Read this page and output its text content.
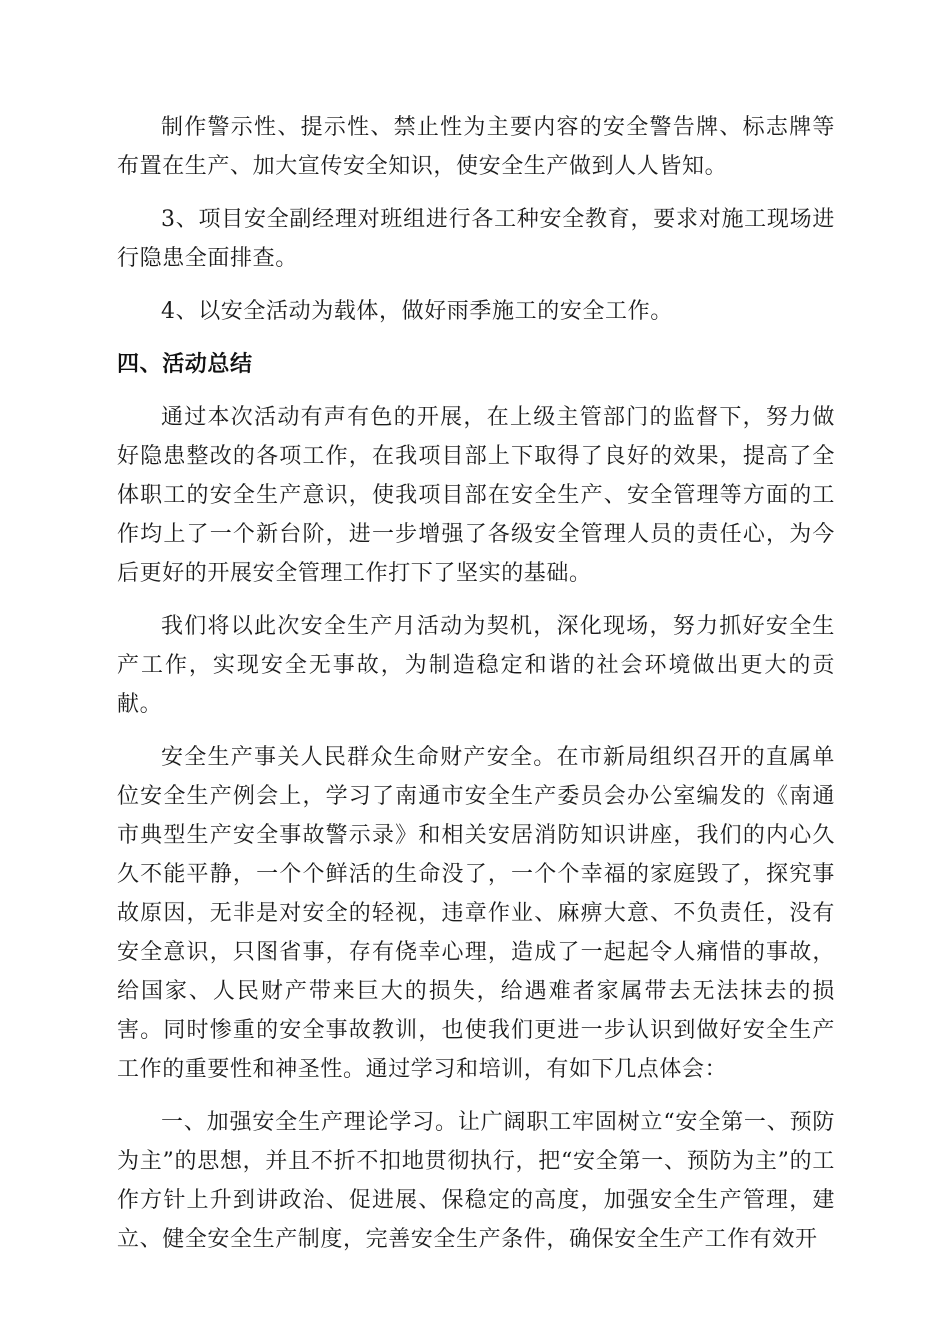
制作警示性、提示性、禁止性为主要内容的安全警告牌、标志牌等布置在生产、加大宣传安全知识，使安全生产做到人人皆知。

3、项目安全副经理对班组进行各工种安全教育，要求对施工现场进行隐患全面排查。

4、以安全活动为载体，做好雨季施工的安全工作。

四、活动总结

通过本次活动有声有色的开展，在上级主管部门的监督下，努力做好隐患整改的各项工作，在我项目部上下取得了良好的效果，提高了全体职工的安全生产意识，使我项目部在安全生产、安全管理等方面的工作均上了一个新台阶，进一步增强了各级安全管理人员的责任心，为今后更好的开展安全管理工作打下了坚实的基础。

我们将以此次安全生产月活动为契机，深化现场，努力抓好安全生产工作，实现安全无事故，为制造稳定和谐的社会环境做出更大的贡献。

安全生产事关人民群众生命财产安全。在市新局组织召开的直属单位安全生产例会上，学习了南通市安全生产委员会办公室编发的《南通市典型生产安全事故警示录》和相关安居消防知识讲座，我们的内心久久不能平静，一个个鲜活的生命没了，一个个幸福的家庭毁了，探究事故原因，无非是对安全的轻视，违章作业、麻痹大意、不负责任，没有安全意识，只图省事，存有侥幸心理，造成了一起起令人痛惜的事故，给国家、人民财产带来巨大的损失，给遇难者家属带去无法抹去的损害。同时惨重的安全事故教训，也使我们更进一步认识到做好安全生产工作的重要性和神圣性。通过学习和培训，有如下几点体会：

一、加强安全生产理论学习。让广阔职工牢固树立“安全第一、预防为主”的思想，并且不折不扣地贯彻执行，把“安全第一、预防为主”的工作方针上升到讲政治、促进展、保稳定的高度，加强安全生产管理，建立、健全安全生产制度，完善安全生产条件，确保安全生产工作有效开
